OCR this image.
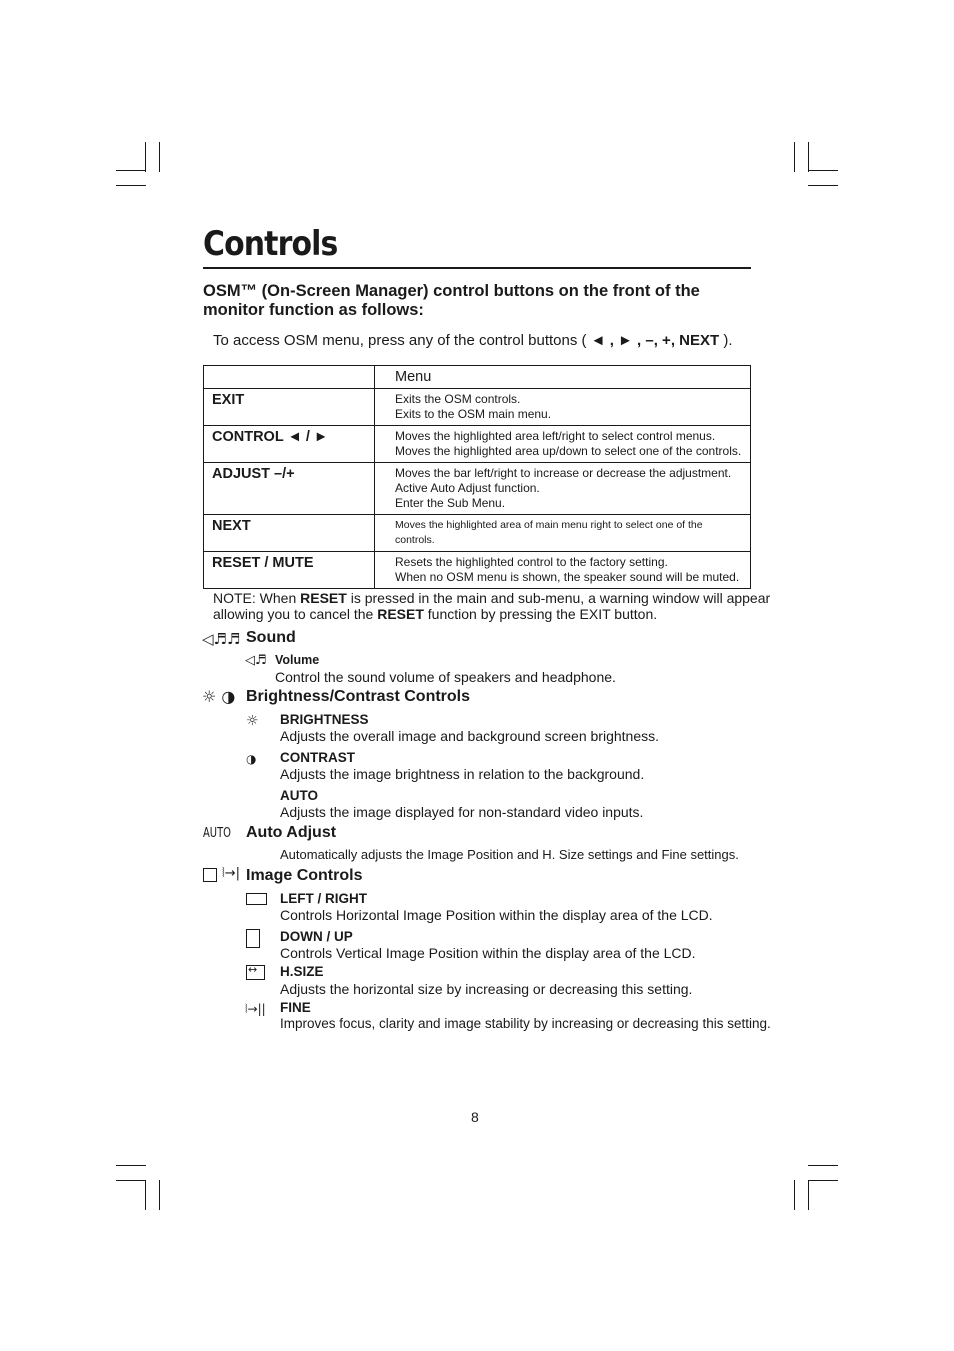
Controls
OSM™ (On-Screen Manager) control buttons on the front of the monitor function as follows:
To access OSM menu, press any of the control buttons ( ◄ , ► , –, +, NEXT ).
	Menu
EXIT	Exits the OSM controls.
Exits to the OSM main menu.

CONTROL ◄ / ►	Moves the highlighted area left/right to select control menus.
Moves the highlighted area up/down to select one of the controls.

ADJUST –/+	Moves the bar left/right to increase or decrease the adjustment.
Active Auto Adjust function.
Enter the Sub Menu.

NEXT	Moves the highlighted area of main menu right to select one of the controls.

RESET / MUTE	Resets the highlighted control to the factory setting.
When no OSM menu is shown, the speaker sound will be muted.
NOTE: When RESET is pressed in the main and sub-menu, a warning window will appear allowing you to cancel the RESET function by pressing the EXIT button.
◁♬♬ Sound
◁♬ Volume
Control the sound volume of speakers and headphone.
☼ ◑ Brightness/Contrast Controls
☼ BRIGHTNESS
Adjusts the overall image and background screen brightness.
◑ CONTRAST
Adjusts the image brightness in relation to the background.
AUTO
Adjusts the image displayed for non-standard video inputs.
AUTO Auto Adjust
Automatically adjusts the Image Position and H. Size settings and Fine settings.
⦚→| Image Controls
LEFT / RIGHT
Controls Horizontal Image Position within the display area of the LCD.
DOWN / UP
Controls Vertical Image Position within the display area of the LCD.
↔ H.SIZE
Adjusts the horizontal size by increasing or decreasing this setting.
⦚→|| FINE
Improves focus, clarity and image stability by increasing or decreasing this setting.
8
